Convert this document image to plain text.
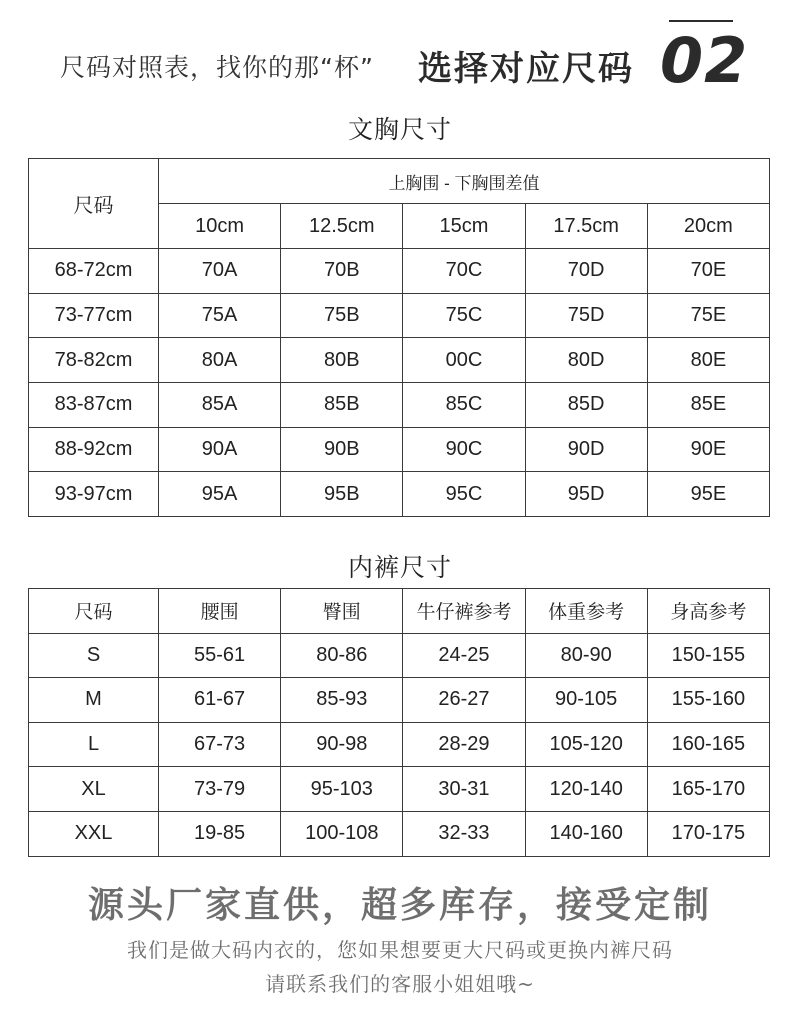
尺码对照表，找你的那“杯” 选择对应尺码 02
文胸尺寸
尺码	上胸围 - 下胸围差值				
	10cm	12.5cm	15cm	17.5cm	20cm
68-72cm	70A	70B	70C	70D	70E
73-77cm	75A	75B	75C	75D	75E
78-82cm	80A	80B	00C	80D	80E
83-87cm	85A	85B	85C	85D	85E
88-92cm	90A	90B	90C	90D	90E
93-97cm	95A	95B	95C	95D	95E
内裤尺寸
尺码	腰围	臀围	牛仔裤参考	体重参考	身高参考
S	55-61	80-86	24-25	80-90	150-155
M	61-67	85-93	26-27	90-105	155-160
L	67-73	90-98	28-29	105-120	160-165
XL	73-79	95-103	30-31	120-140	165-170
XXL	19-85	100-108	32-33	140-160	170-175
源头厂家直供，超多库存，接受定制
我们是做大码内衣的，您如果想要更大尺码或更换内裤尺码
请联系我们的客服小姐姐哦~
